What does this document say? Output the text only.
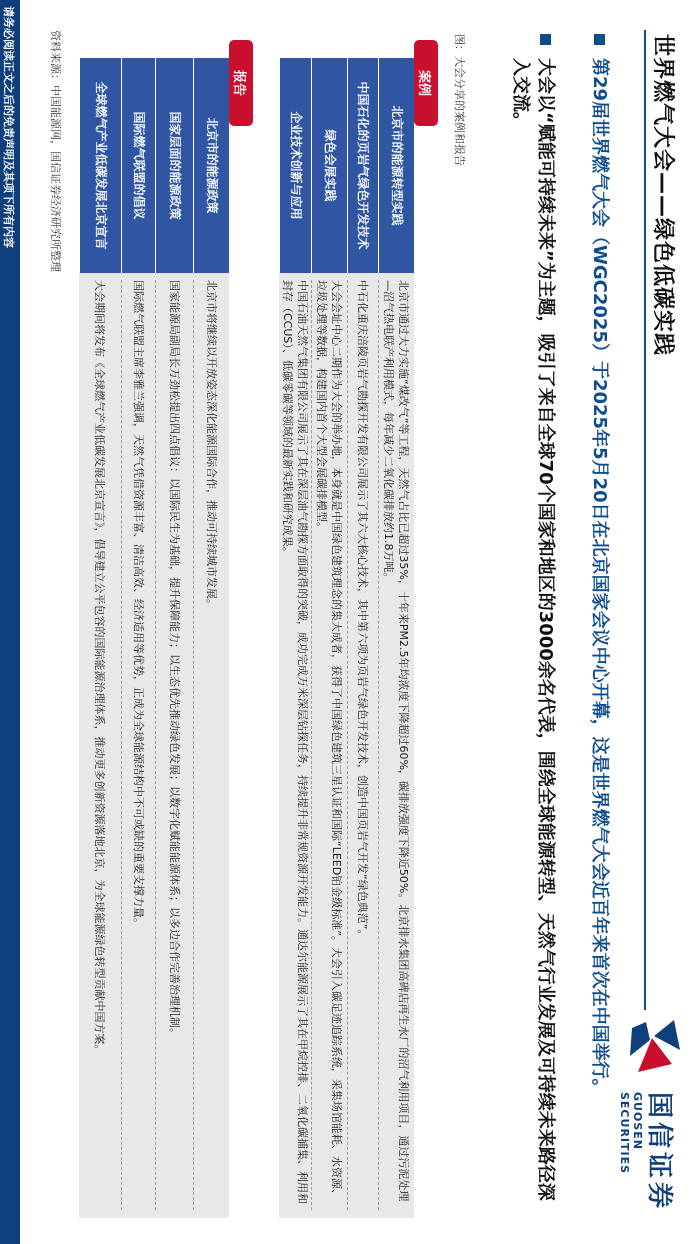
世界燃气大会——绿色低碳实践
国信证券
GUOSEN SECURITIES
第29届世界燃气大会（WGC2025）于2025年5月20日在北京国家会议中心开幕，这是世界燃气大会近百年来首次在中国举行。
大会以“赋能可持续未来”为主题，吸引了来自全球70个国家和地区的3000余名代表，围绕全球能源转型、天然气行业发展及可持续未来路径深入交流。
图：大会分享的案例和报告
案例
北京市的能源转型实践
北京市通过大力实施“煤改气”等工程，天然气占比已超过35%，十年来PM2.5年均浓度下降超过60%，碳排放强度下降近50%。北京排水集团高碑店再生水厂的沼气利用项目，通过污泥处理—沼气热电联产利用模式，每年减少二氧化碳排放约1.8万吨。
中国石化的页岩气绿色开发技术
中石化重庆涪陵页岩气勘探开发有限公司展示了其六大核心技术，其中第六项为页岩气绿色开发技术，创造中国页岩气开发“绿色典范”。
绿色会展实践
大会会址中心二期作为大会的举办地，本身就是中国绿色建筑理念的集大成者，获得了中国绿色建筑三星认证和国际“LEED铂金级标准”。大会引入碳足迹追踪系统，采集场馆能耗、水资源、垃圾处理等数据，构建国内首个大型会展碳排模型。
企业技术创新与应用
中国石油天然气集团有限公司展示了其在深层油气勘探方面取得的突破，成功完成万米深层钻探任务，持续提升非常规资源开发能力。通达尔能源展示了其在甲烷控排、二氧化碳捕集、利用和封存（CCUS）、低碳零碳等领域的最新实践和研究成果。
报告
北京市的能源政策
北京市将继续以开放姿态深化能源国际合作，推动可持续城市发展。
国家层面的能源政策
国家能源局副局长万劲松提出四点倡议：以国际民生为基础，提升保障能力；以生态优先推动绿色发展；以数字化赋能能源体系；以多边合作完善治理机制。
国际燃气联盟的倡议
国际燃气联盟主席李雅兰强调，天然气凭借资源丰富、清洁高效、经济适用等优势，正成为全球能源结构中不可或缺的重要支撑力量。
全球燃气产业低碳发展北京宣言
大会期间将发布《全球燃气产业低碳发展北京宣言》，倡导建立公平包容的国际能源治理体系，推动更多创新资源落地北京，为全球能源绿色转型贡献中国方案。
资料来源：中国能源网，国信证券经济研究所整理
请务必阅读正文之后的免责声明及其项下所有内容
